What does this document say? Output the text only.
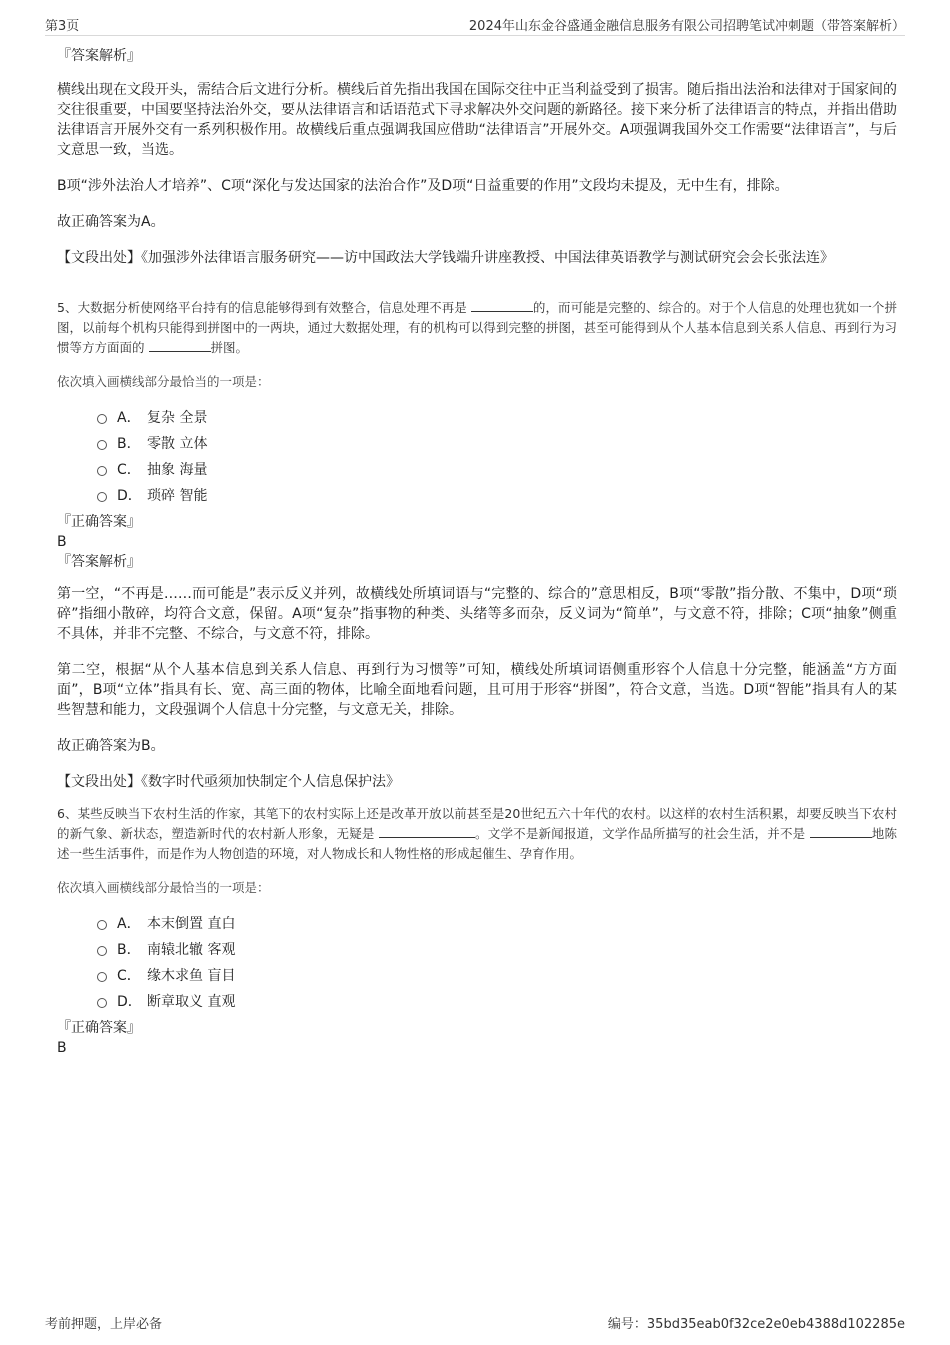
第3页	2024年山东金谷盛通金融信息服务有限公司招聘笔试冲刺题（带答案解析）

『答案解析』

横线出现在文段开头，需结合后文进行分析。横线后首先指出我国在国际交往中正当利益受到了损害。随后指出法治和法律对于国家间的交往很重要，中国要坚持法治外交，要从法律语言和话语范式下寻求解决外交问题的新路径。接下来分析了法律语言的特点，并指出借助法律语言开展外交有一系列积极作用。故横线后重点强调我国应借助“法律语言”开展外交。A项强调我国外交工作需要“法律语言”，与后文意思一致，当选。

B项“涉外法治人才培养”、C项“深化与发达国家的法治合作”及D项“日益重要的作用”文段均未提及，无中生有，排除。

故正确答案为A。

【文段出处】《加强涉外法律语言服务研究——访中国政法大学钱端升讲座教授、中国法律英语教学与测试研究会会长张法连》

5、大数据分析使网络平台持有的信息能够得到有效整合，信息处理不再是	的，而可能是完整的、综合的。对于个人信息的处理也犹如一个拼图，以前每个机构只能得到拼图中的一两块，通过大数据处理，有的机构可以得到完整的拼图，甚至可能得到从个人基本信息到关系人信息、再到行为习惯等方方面面的	拼图。

依次填入画横线部分最恰当的一项是：

A． 复杂 全景
B． 零散 立体
C． 抽象 海量
D． 琐碎 智能

『正确答案』

B

『答案解析』

第一空，“不再是……而可能是”表示反义并列，故横线处所填词语与“完整的、综合的”意思相反，B项“零散”指分散、不集中，D项“琐碎”指细小散碎，均符合文意，保留。A项“复杂”指事物的种类、头绪等多而杂，反义词为“简单”，与文意不符，排除；C项“抽象”侧重不具体，并非不完整、不综合，与文意不符，排除。

第二空，根据“从个人基本信息到关系人信息、再到行为习惯等”可知，横线处所填词语侧重形容个人信息十分完整，能涵盖“方方面面”，B项“立体”指具有长、宽、高三面的物体，比喻全面地看问题，且可用于形容“拼图”，符合文意，当选。D项“智能”指具有人的某些智慧和能力，文段强调个人信息十分完整，与文意无关，排除。

故正确答案为B。

【文段出处】《数字时代亟须加快制定个人信息保护法》

6、某些反映当下农村生活的作家，其笔下的农村实际上还是改革开放以前甚至是20世纪五六十年代的农村。以这样的农村生活积累，却要反映当下农村的新气象、新状态，塑造新时代的农村新人形象，无疑是	。文学不是新闻报道，文学作品所描写的社会生活，并不是	地陈述一些生活事件，而是作为人物创造的环境，对人物成长和人物性格的形成起催生、孕育作用。

依次填入画横线部分最恰当的一项是：

A． 本末倒置 直白
B． 南辕北辙 客观
C． 缘木求鱼 盲目
D． 断章取义 直观

『正确答案』

B

考前押题，上岸必备	编号：35bd35eab0f32ce2e0eb4388d102285e
